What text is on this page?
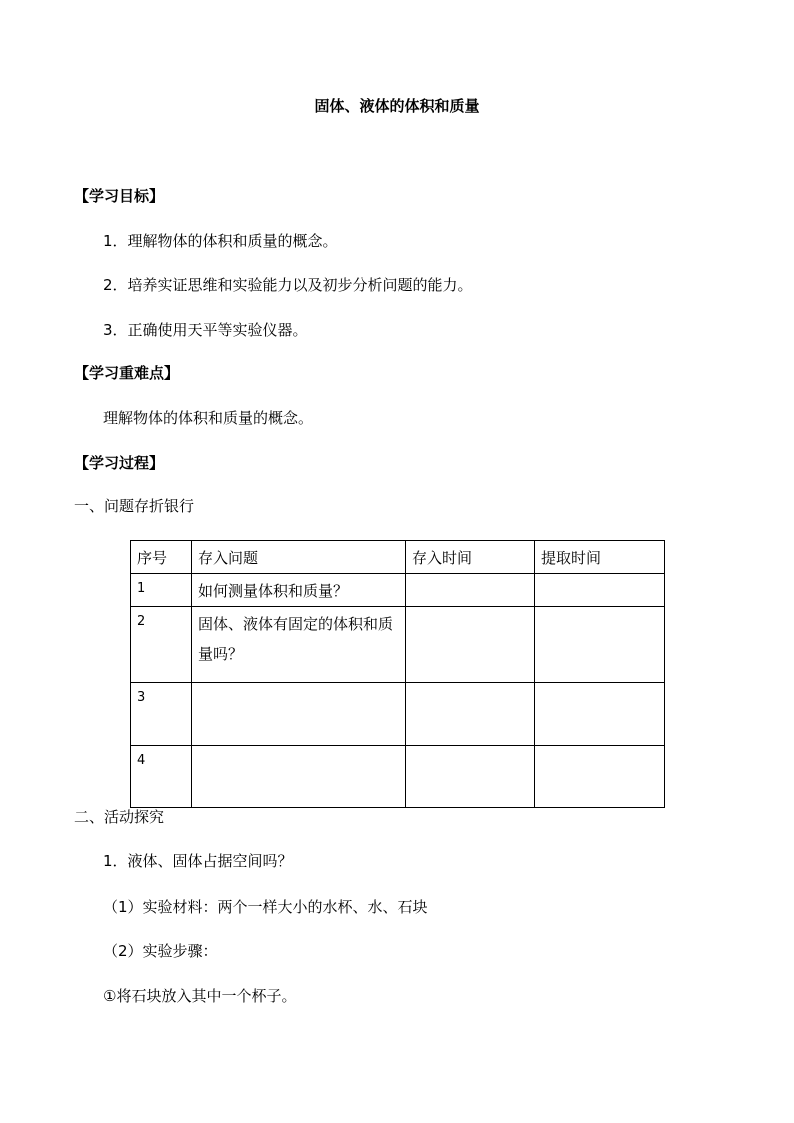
固体、液体的体积和质量
【学习目标】
1．理解物体的体积和质量的概念。
2．培养实证思维和实验能力以及初步分析问题的能力。
3．正确使用天平等实验仪器。
【学习重难点】
理解物体的体积和质量的概念。
【学习过程】
一、问题存折银行
序号	存入问题	存入时间	提取时间
1	如何测量体积和质量？		
2	固体、液体有固定的体积和质量吗？		
3			
4			
二、活动探究
1．液体、固体占据空间吗？
（1）实验材料：两个一样大小的水杯、水、石块
（2）实验步骤：
①将石块放入其中一个杯子。
